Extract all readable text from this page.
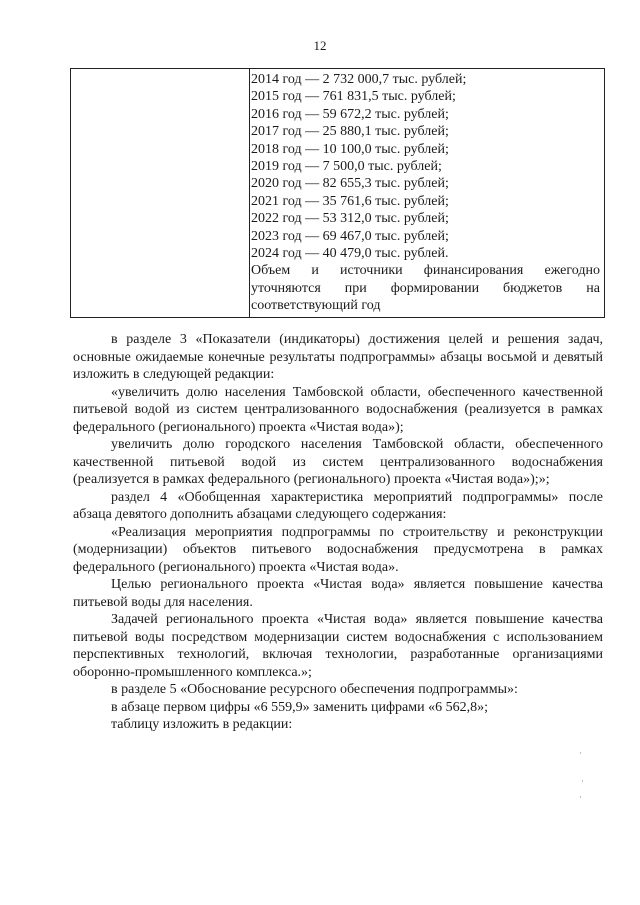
12
2014 год — 2 732 000,7 тыс. рублей;
2015 год — 761 831,5 тыс. рублей;
2016 год — 59 672,2 тыс. рублей;
2017 год — 25 880,1 тыс. рублей;
2018 год — 10 100,0 тыс. рублей;
2019 год — 7 500,0 тыс. рублей;
2020 год — 82 655,3 тыс. рублей;
2021 год — 35 761,6 тыс. рублей;
2022 год — 53 312,0 тыс. рублей;
2023 год — 69 467,0 тыс. рублей;
2024 год — 40 479,0 тыс. рублей.
Объем и источники финансирования ежегодно уточняются при формировании бюджетов на соответствующий год

в разделе 3 «Показатели (индикаторы) достижения целей и решения задач, основные ожидаемые конечные результаты подпрограммы» абзацы восьмой и девятый изложить в следующей редакции:

«увеличить долю населения Тамбовской области, обеспеченного качественной питьевой водой из систем централизованного водоснабжения (реализуется в рамках федерального (регионального) проекта «Чистая вода»);

увеличить долю городского населения Тамбовской области, обеспеченного качественной питьевой водой из систем централизованного водоснабжения (реализуется в рамках федерального (регионального) проекта «Чистая вода»);»;

раздел 4 «Обобщенная характеристика мероприятий подпрограммы» после абзаца девятого дополнить абзацами следующего содержания:

«Реализация мероприятия подпрограммы по строительству и реконструкции (модернизации) объектов питьевого водоснабжения предусмотрена в рамках федерального (регионального) проекта «Чистая вода».

Целью регионального проекта «Чистая вода» является повышение качества питьевой воды для населения.

Задачей регионального проекта «Чистая вода» является повышение качества питьевой воды посредством модернизации систем водоснабжения с использованием перспективных технологий, включая технологии, разработанные организациями оборонно-промышленного комплекса.»;

в разделе 5 «Обоснование ресурсного обеспечения подпрограммы»:

в абзаце первом цифры «6 559,9» заменить цифрами «6 562,8»;

таблицу изложить в редакции:

·
·
·
